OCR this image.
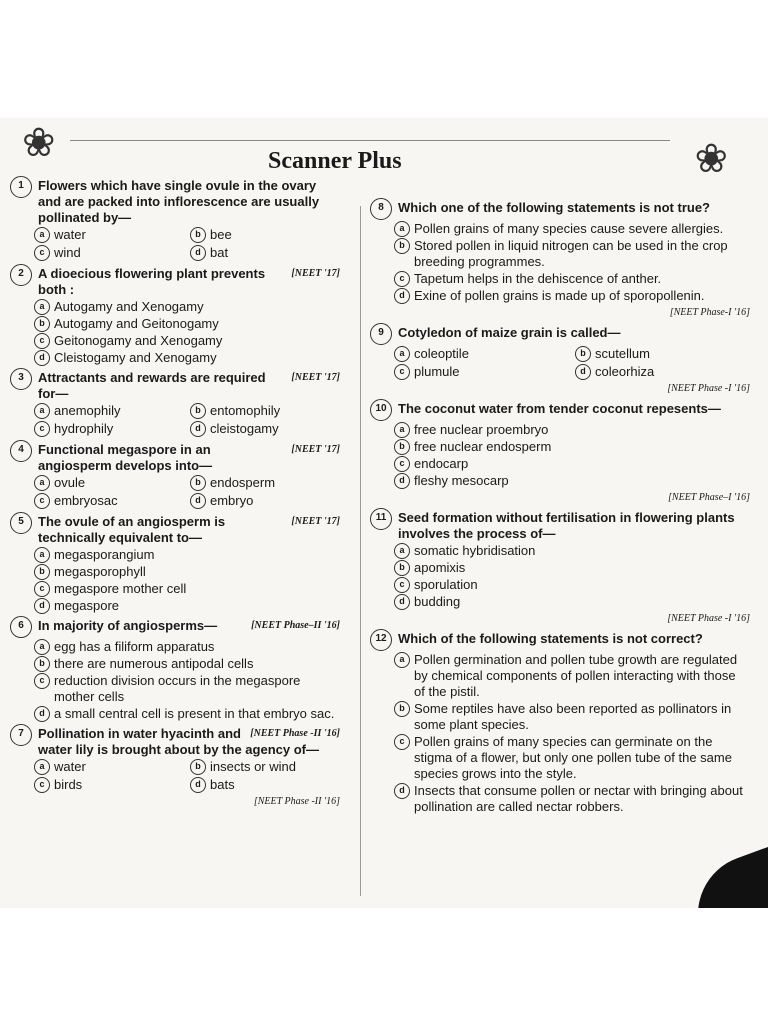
❀	Scanner Plus	❀
1	Flowers which have single ovule in the ovary and are packed into inflorescence are usually pollinated by—
a water	b bee
c wind	d bat
2	[NEET '17]
A dioecious flowering plant prevents both :
a Autogamy and Xenogamy
b Autogamy and Geitonogamy
c Geitonogamy and Xenogamy
d Cleistogamy and Xenogamy
3	[NEET '17]
Attractants and rewards are required for—
a anemophily	b entomophily
c hydrophily	d cleistogamy
4	[NEET '17]
Functional megaspore in an angiosperm develops into—
a ovule	b endosperm
c embryosac	d embryo
5	[NEET '17]
The ovule of an angiosperm is technically equivalent to—
a megasporangium
b megasporophyll
c megaspore mother cell
d megaspore
6	[NEET Phase–II '16]
In majority of angiosperms—
a egg has a filiform apparatus
b there are numerous antipodal cells
c reduction division occurs in the megaspore mother cells
d a small central cell is present in that embryo sac.
7	[NEET Phase -II '16]
Pollination in water hyacinth and water lily is brought about by the agency of—
a water	b insects or wind
c birds	d bats
[NEET Phase -II '16]
8	Which one of the following statements is not true?
a Pollen grains of many species cause severe allergies.
b Stored pollen in liquid nitrogen can be used in the crop breeding programmes.
c Tapetum helps in the dehiscence of anther.
d Exine of pollen grains is made up of sporopollenin.
[NEET Phase-I '16]
9	Cotyledon of maize grain is called—
a coleoptile	b scutellum
c plumule	d coleorhiza
[NEET Phase -I '16]
10 The coconut water from tender coconut repesents—
a free nuclear proembryo
b free nuclear endosperm
c endocarp
d fleshy mesocarp
[NEET Phase–I '16]
11 Seed formation without fertilisation in flowering plants involves the process of—
a somatic hybridisation
b apomixis
c sporulation
d budding
[NEET Phase -I '16]
12 Which of the following statements is not correct?
a Pollen germination and pollen tube growth are regulated by chemical components of pollen interacting with those of the pistil.
b Some reptiles have also been reported as pollinators in some plant species.
c Pollen grains of many species can germinate on the stigma of a flower, but only one pollen tube of the same species grows into the style.
d Insects that consume pollen or nectar with bringing about pollination are called nectar robbers.
